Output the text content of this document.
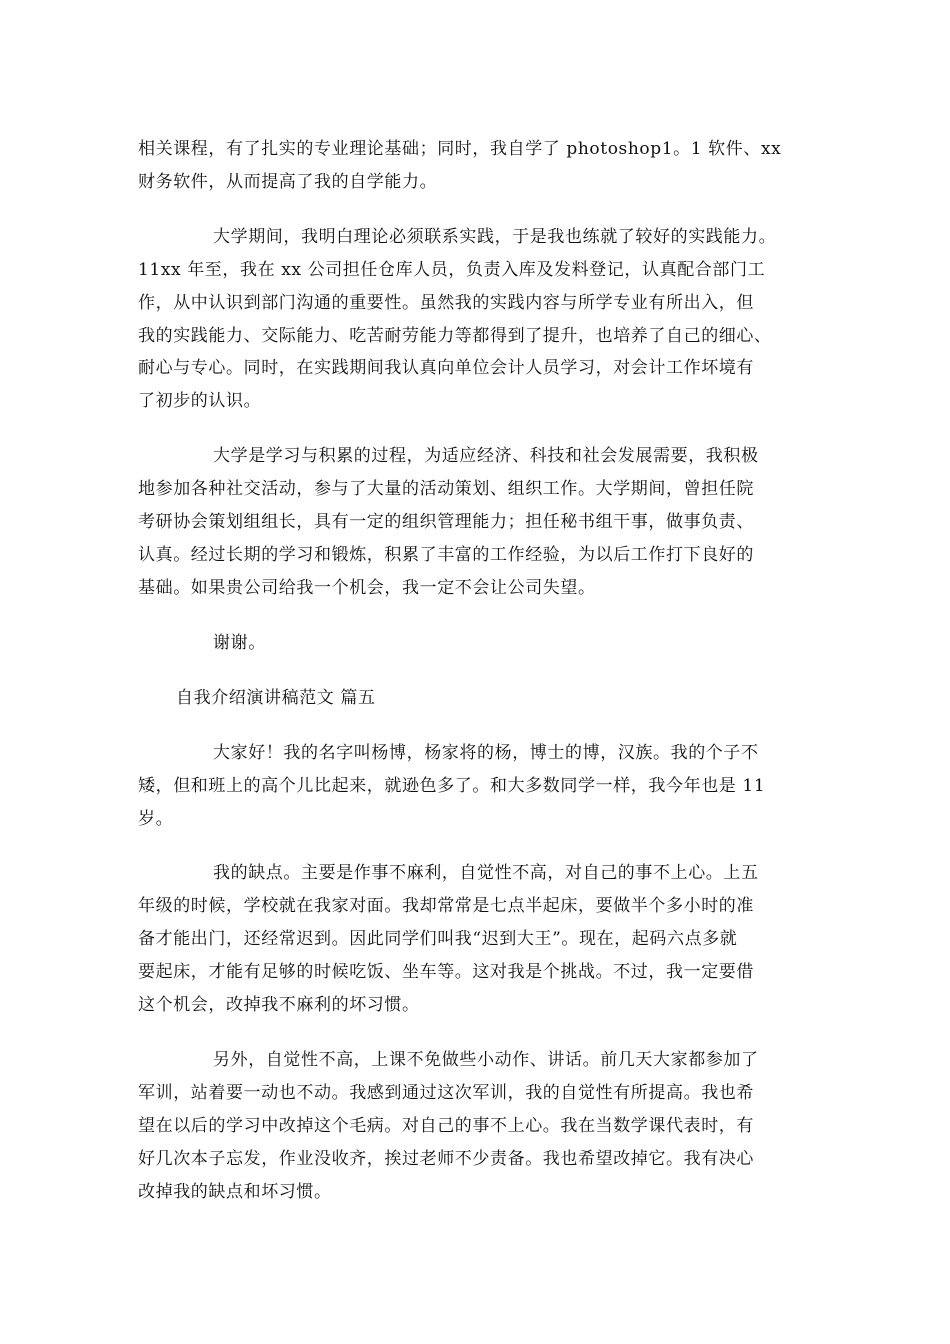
相关课程，有了扎实的专业理论基础；同时，我自学了 photoshop1。1 软件、xx
财务软件，从而提高了我的自学能力。
大学期间，我明白理论必须联系实践，于是我也练就了较好的实践能力。
11xx 年至，我在 xx 公司担任仓库人员，负责入库及发料登记，认真配合部门工
作，从中认识到部门沟通的重要性。虽然我的实践内容与所学专业有所出入，但
我的实践能力、交际能力、吃苦耐劳能力等都得到了提升，也培养了自己的细心、
耐心与专心。同时，在实践期间我认真向单位会计人员学习，对会计工作坏境有
了初步的认识。
大学是学习与积累的过程，为适应经济、科技和社会发展需要，我积极
地参加各种社交活动，参与了大量的活动策划、组织工作。大学期间，曾担任院
考研协会策划组组长，具有一定的组织管理能力；担任秘书组干事，做事负责、
认真。经过长期的学习和锻炼，积累了丰富的工作经验，为以后工作打下良好的
基础。如果贵公司给我一个机会，我一定不会让公司失望。
谢谢。
自我介绍演讲稿范文 篇五
大家好！我的名字叫杨博，杨家将的杨，博士的博，汉族。我的个子不
矮，但和班上的高个儿比起来，就逊色多了。和大多数同学一样，我今年也是 11
岁。
我的缺点。主要是作事不麻利，自觉性不高，对自己的事不上心。上五
年级的时候，学校就在我家对面。我却常常是七点半起床，要做半个多小时的准
备才能出门，还经常迟到。因此同学们叫我“迟到大王”。现在，起码六点多就
要起床，才能有足够的时候吃饭、坐车等。这对我是个挑战。不过，我一定要借
这个机会，改掉我不麻利的坏习惯。
另外，自觉性不高，上课不免做些小动作、讲话。前几天大家都参加了
军训，站着要一动也不动。我感到通过这次军训，我的自觉性有所提高。我也希
望在以后的学习中改掉这个毛病。对自己的事不上心。我在当数学课代表时，有
好几次本子忘发，作业没收齐，挨过老师不少责备。我也希望改掉它。我有决心
改掉我的缺点和坏习惯。
